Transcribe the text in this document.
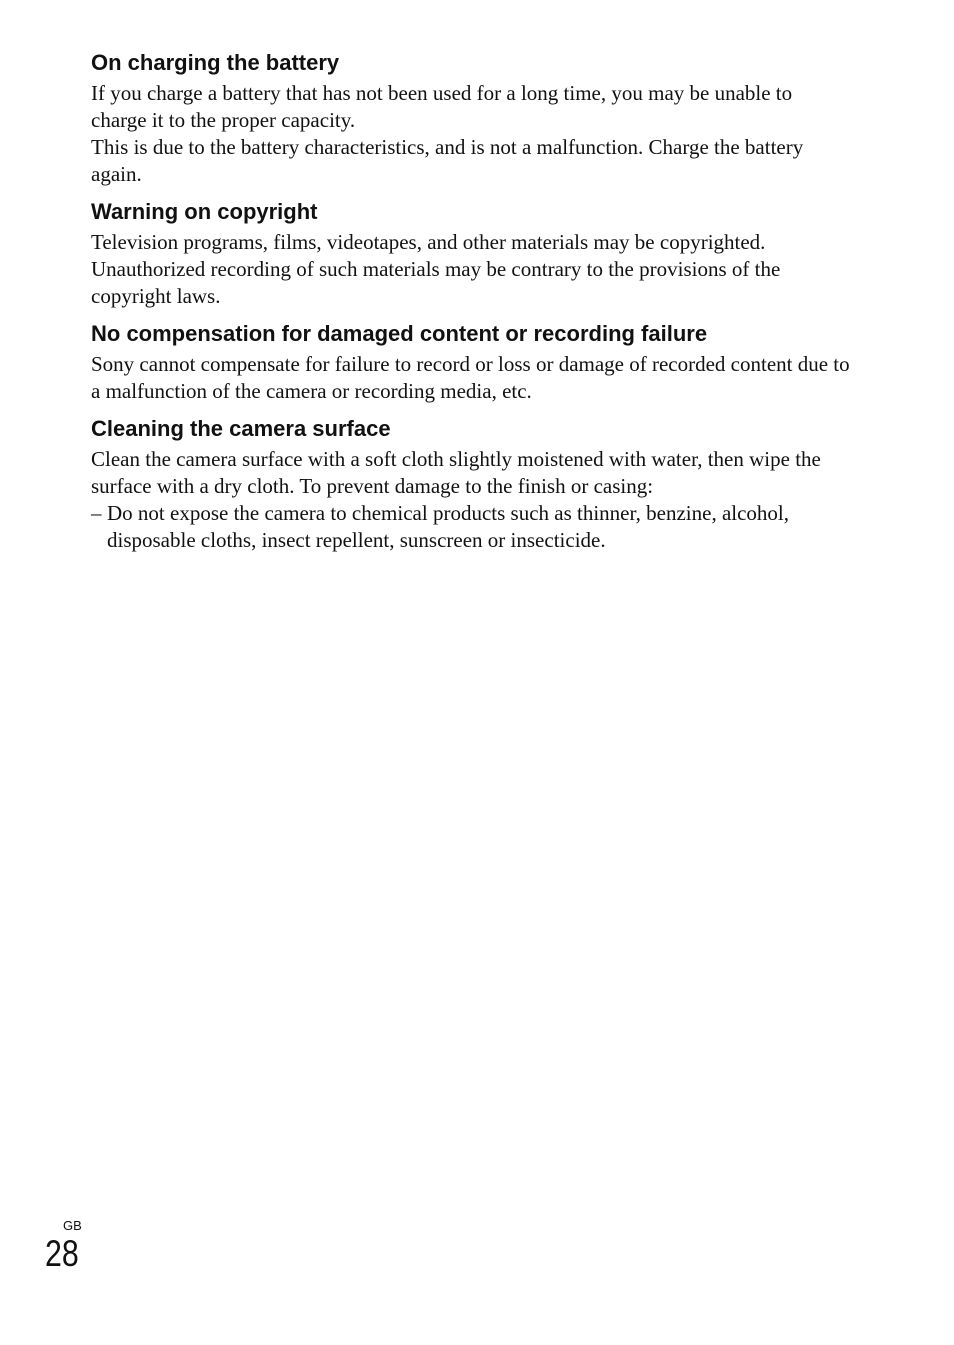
On charging the battery

If you charge a battery that has not been used for a long time, you may be unable to charge it to the proper capacity.

This is due to the battery characteristics, and is not a malfunction. Charge the battery again.

Warning on copyright

Television programs, films, videotapes, and other materials may be copyrighted. Unauthorized recording of such materials may be contrary to the provisions of the copyright laws.

No compensation for damaged content or recording failure

Sony cannot compensate for failure to record or loss or damage of recorded content due to a malfunction of the camera or recording media, etc.

Cleaning the camera surface

Clean the camera surface with a soft cloth slightly moistened with water, then wipe the surface with a dry cloth. To prevent damage to the finish or casing:

– Do not expose the camera to chemical products such as thinner, benzine, alcohol, disposable cloths, insect repellent, sunscreen or insecticide.

GB
28
